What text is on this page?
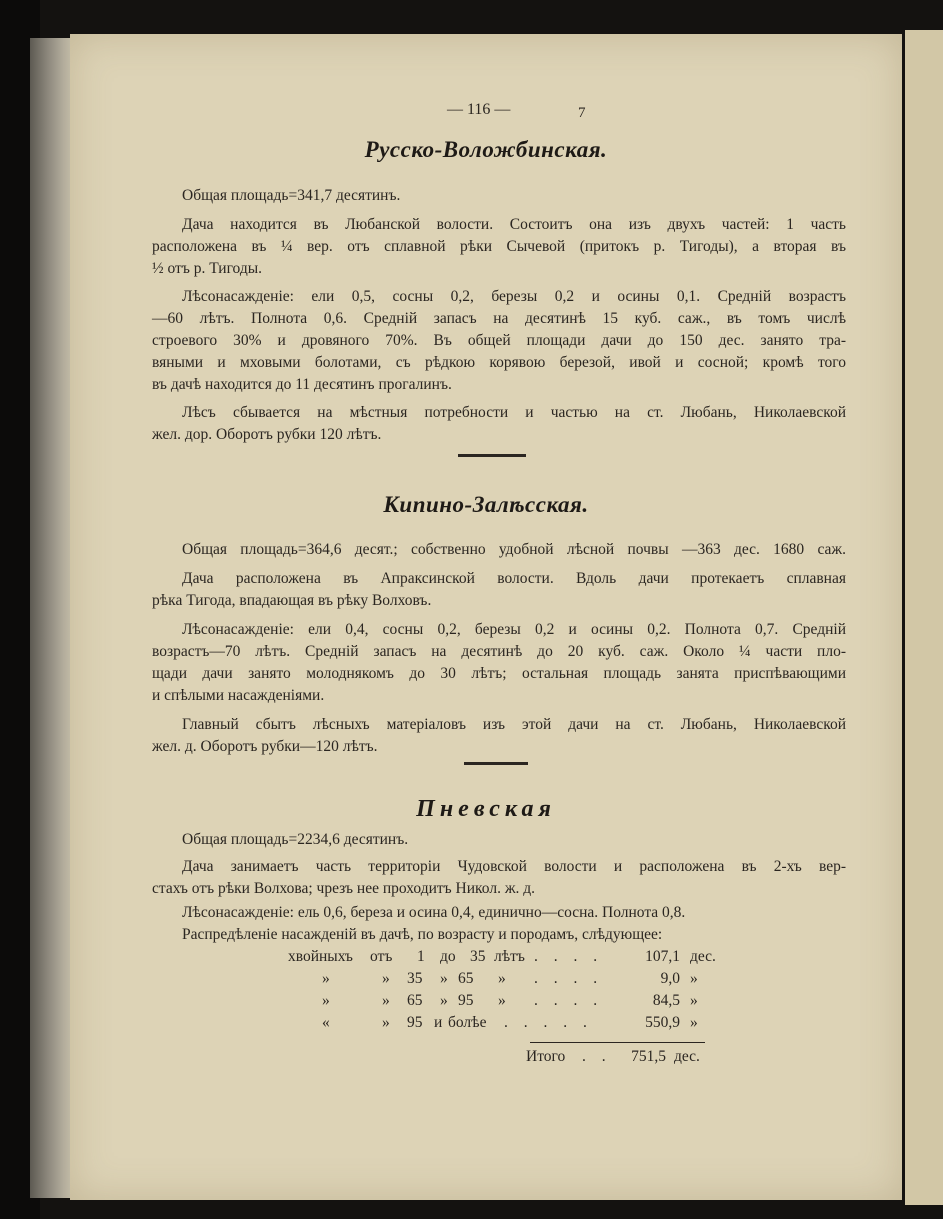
— 116 —	7
Русско-Воложбинская.
Общая площадь=341,7 десятинъ.
Дача находится въ Любанской волости. Состоитъ она изъ двухъ частей: 1 часть
расположена въ ¼ вер. отъ сплавной рѣки Сычевой (притокъ р. Тигоды), а вторая въ
½ отъ р. Тигоды.
Лѣсонасажденіе: ели 0,5, сосны 0,2, березы 0,2 и осины 0,1. Средній возрастъ
—60 лѣтъ. Полнота 0,6. Средній запасъ на десятинѣ 15 куб. саж., въ томъ числѣ
строевого 30% и дровяного 70%. Въ общей площади дачи до 150 дес. занято тра-
вяными и мховыми болотами, съ рѣдкою корявою березой, ивой и сосной; кромѣ того
въ дачѣ находится до 11 десятинъ прогалинъ.
Лѣсъ сбывается на мѣстныя потребности и частью на ст. Любань, Николаевской
жел. дор. Оборотъ рубки 120 лѣтъ.
Кипино-Залѣсская.
Общая площадь=364,6 десят.; собственно удобной лѣсной почвы —363 дес. 1680 саж.
Дача расположена въ Апраксинской волости. Вдоль дачи протекаетъ сплавная
рѣка Тигода, впадающая въ рѣку Волховъ.
Лѣсонасажденіе: ели 0,4, сосны 0,2, березы 0,2 и осины 0,2. Полнота 0,7. Средній
возрастъ—70 лѣтъ. Средній запасъ на десятинѣ до 20 куб. саж. Около ¼ части пло-
щади дачи занято молоднякомъ до 30 лѣтъ; остальная площадь занята приспѣвающими
и спѣлыми насажденіями.
Главный сбытъ лѣсныхъ матеріаловъ изъ этой дачи на ст. Любань, Николаевской
жел. д. Оборотъ рубки—120 лѣтъ.
Пневская
Общая площадь=2234,6 десятинъ.
Дача занимаетъ часть территоріи Чудовской волости и расположена въ 2-хъ вер-
стахъ отъ рѣки Волхова; чрезъ нее проходитъ Никол. ж. д.
Лѣсонасажденіе: ель 0,6, береза и осина 0,4, единично—сосна. Полнота 0,8.
Распредѣленіе насажденій въ дачѣ, по возрасту и породамъ, слѣдующее:
хвойныхъ отъ 1 до 35 лѣтъ . . . .	107,1 дес.
»	» 35 » 65 » . . . .	9,0 »
»	» 65 » 95 » . . . .	84,5 »
«	» 95 и болѣе . . . . .	550,9 »
Итого . .	751,5 дес.
